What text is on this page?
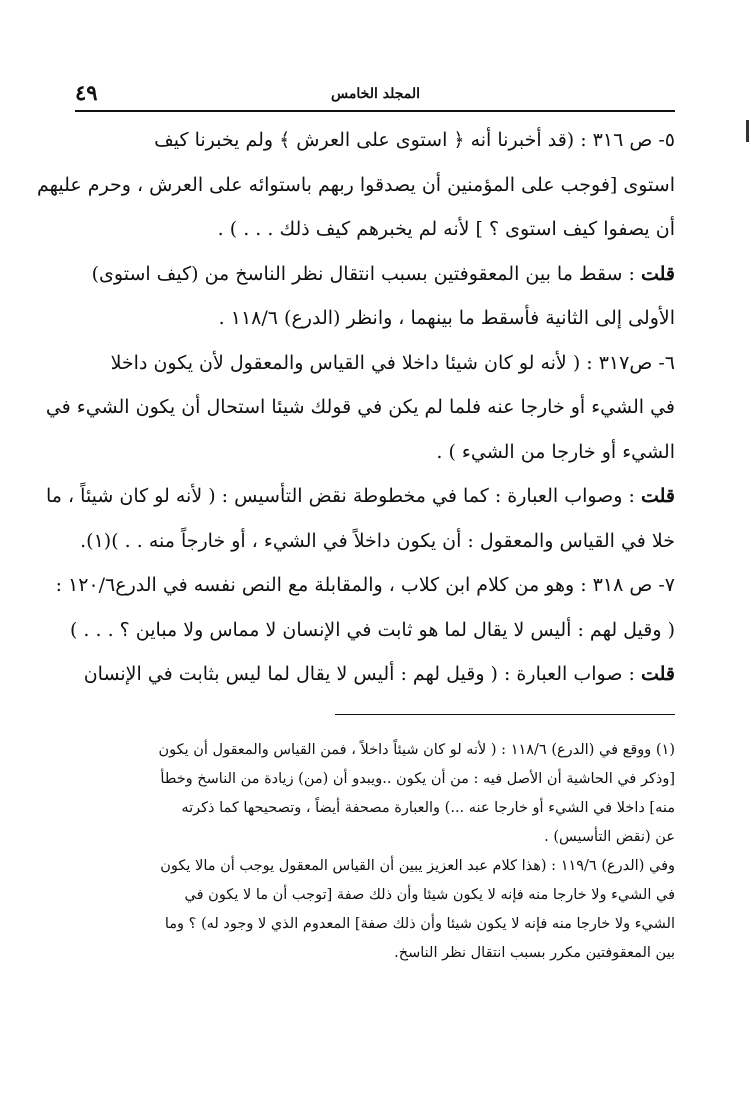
المجلد الخامس
٤٩

٥- ص ٣١٦ : (قد أخبرنا أنه ﴿ استوى على العرش ﴾ ولم يخبرنا كيف
استوى [فوجب على المؤمنين أن يصدقوا ربهم باستوائه على العرش ، وحرم عليهم
أن يصفوا كيف استوى ؟ ] لأنه لم يخبرهم كيف ذلك . . . ) .

قلت : سقط ما بين المعقوفتين بسبب انتقال نظر الناسخ من (كيف استوى)
الأولى إلى الثانية فأسقط ما بينهما ، وانظر (الدرع) ١١٨/٦ .

٦- ص٣١٧ : ( لأنه لو كان شيئا داخلا في القياس والمعقول لأن يكون داخلا
في الشيء أو خارجا عنه فلما لم يكن في قولك شيئا استحال أن يكون الشيء في
الشيء أو خارجا من الشيء ) .

قلت : وصواب العبارة : كما في مخطوطة نقض التأسيس : ( لأنه لو كان شيئاً ، ما
خلا في القياس والمعقول : أن يكون داخلاً في الشيء ، أو خارجاً منه . . )(١).

٧- ص ٣١٨ : وهو من كلام ابن كلاب ، والمقابلة مع النص نفسه في الدرع١٢٠/٦ :
( وقيل لهم : أليس لا يقال لما هو ثابت في الإنسان لا مماس ولا مباين ؟ . . . )

قلت : صواب العبارة : ( وقيل لهم : أليس لا يقال لما ليس بثابت في الإنسان

(١) ووقع في (الدرع) ١١٨/٦ : ( لأنه لو كان شيئاً داخلاً ، فمن القياس والمعقول أن يكون
[وذكر في الحاشية أن الأصل فيه : من أن يكون ..ويبدو أن (من) زيادة من الناسخ وخطأ
منه] داخلا في الشيء أو خارجا عنه ...) والعبارة مصحفة أيضاً ، وتصحيحها كما ذكرته
عن (نقض التأسيس) .

وفي (الدرع) ١١٩/٦ : (هذا كلام عبد العزيز يبين أن القياس المعقول يوجب أن مالا يكون
في الشيء ولا خارجا منه فإنه لا يكون شيئا وأن ذلك صفة [توجب أن ما لا يكون في
الشيء ولا خارجا منه فإنه لا يكون شيئا وأن ذلك صفة] المعدوم الذي لا وجود له) ؟ وما
بين المعقوفتين مكرر بسبب انتقال نظر الناسخ.
